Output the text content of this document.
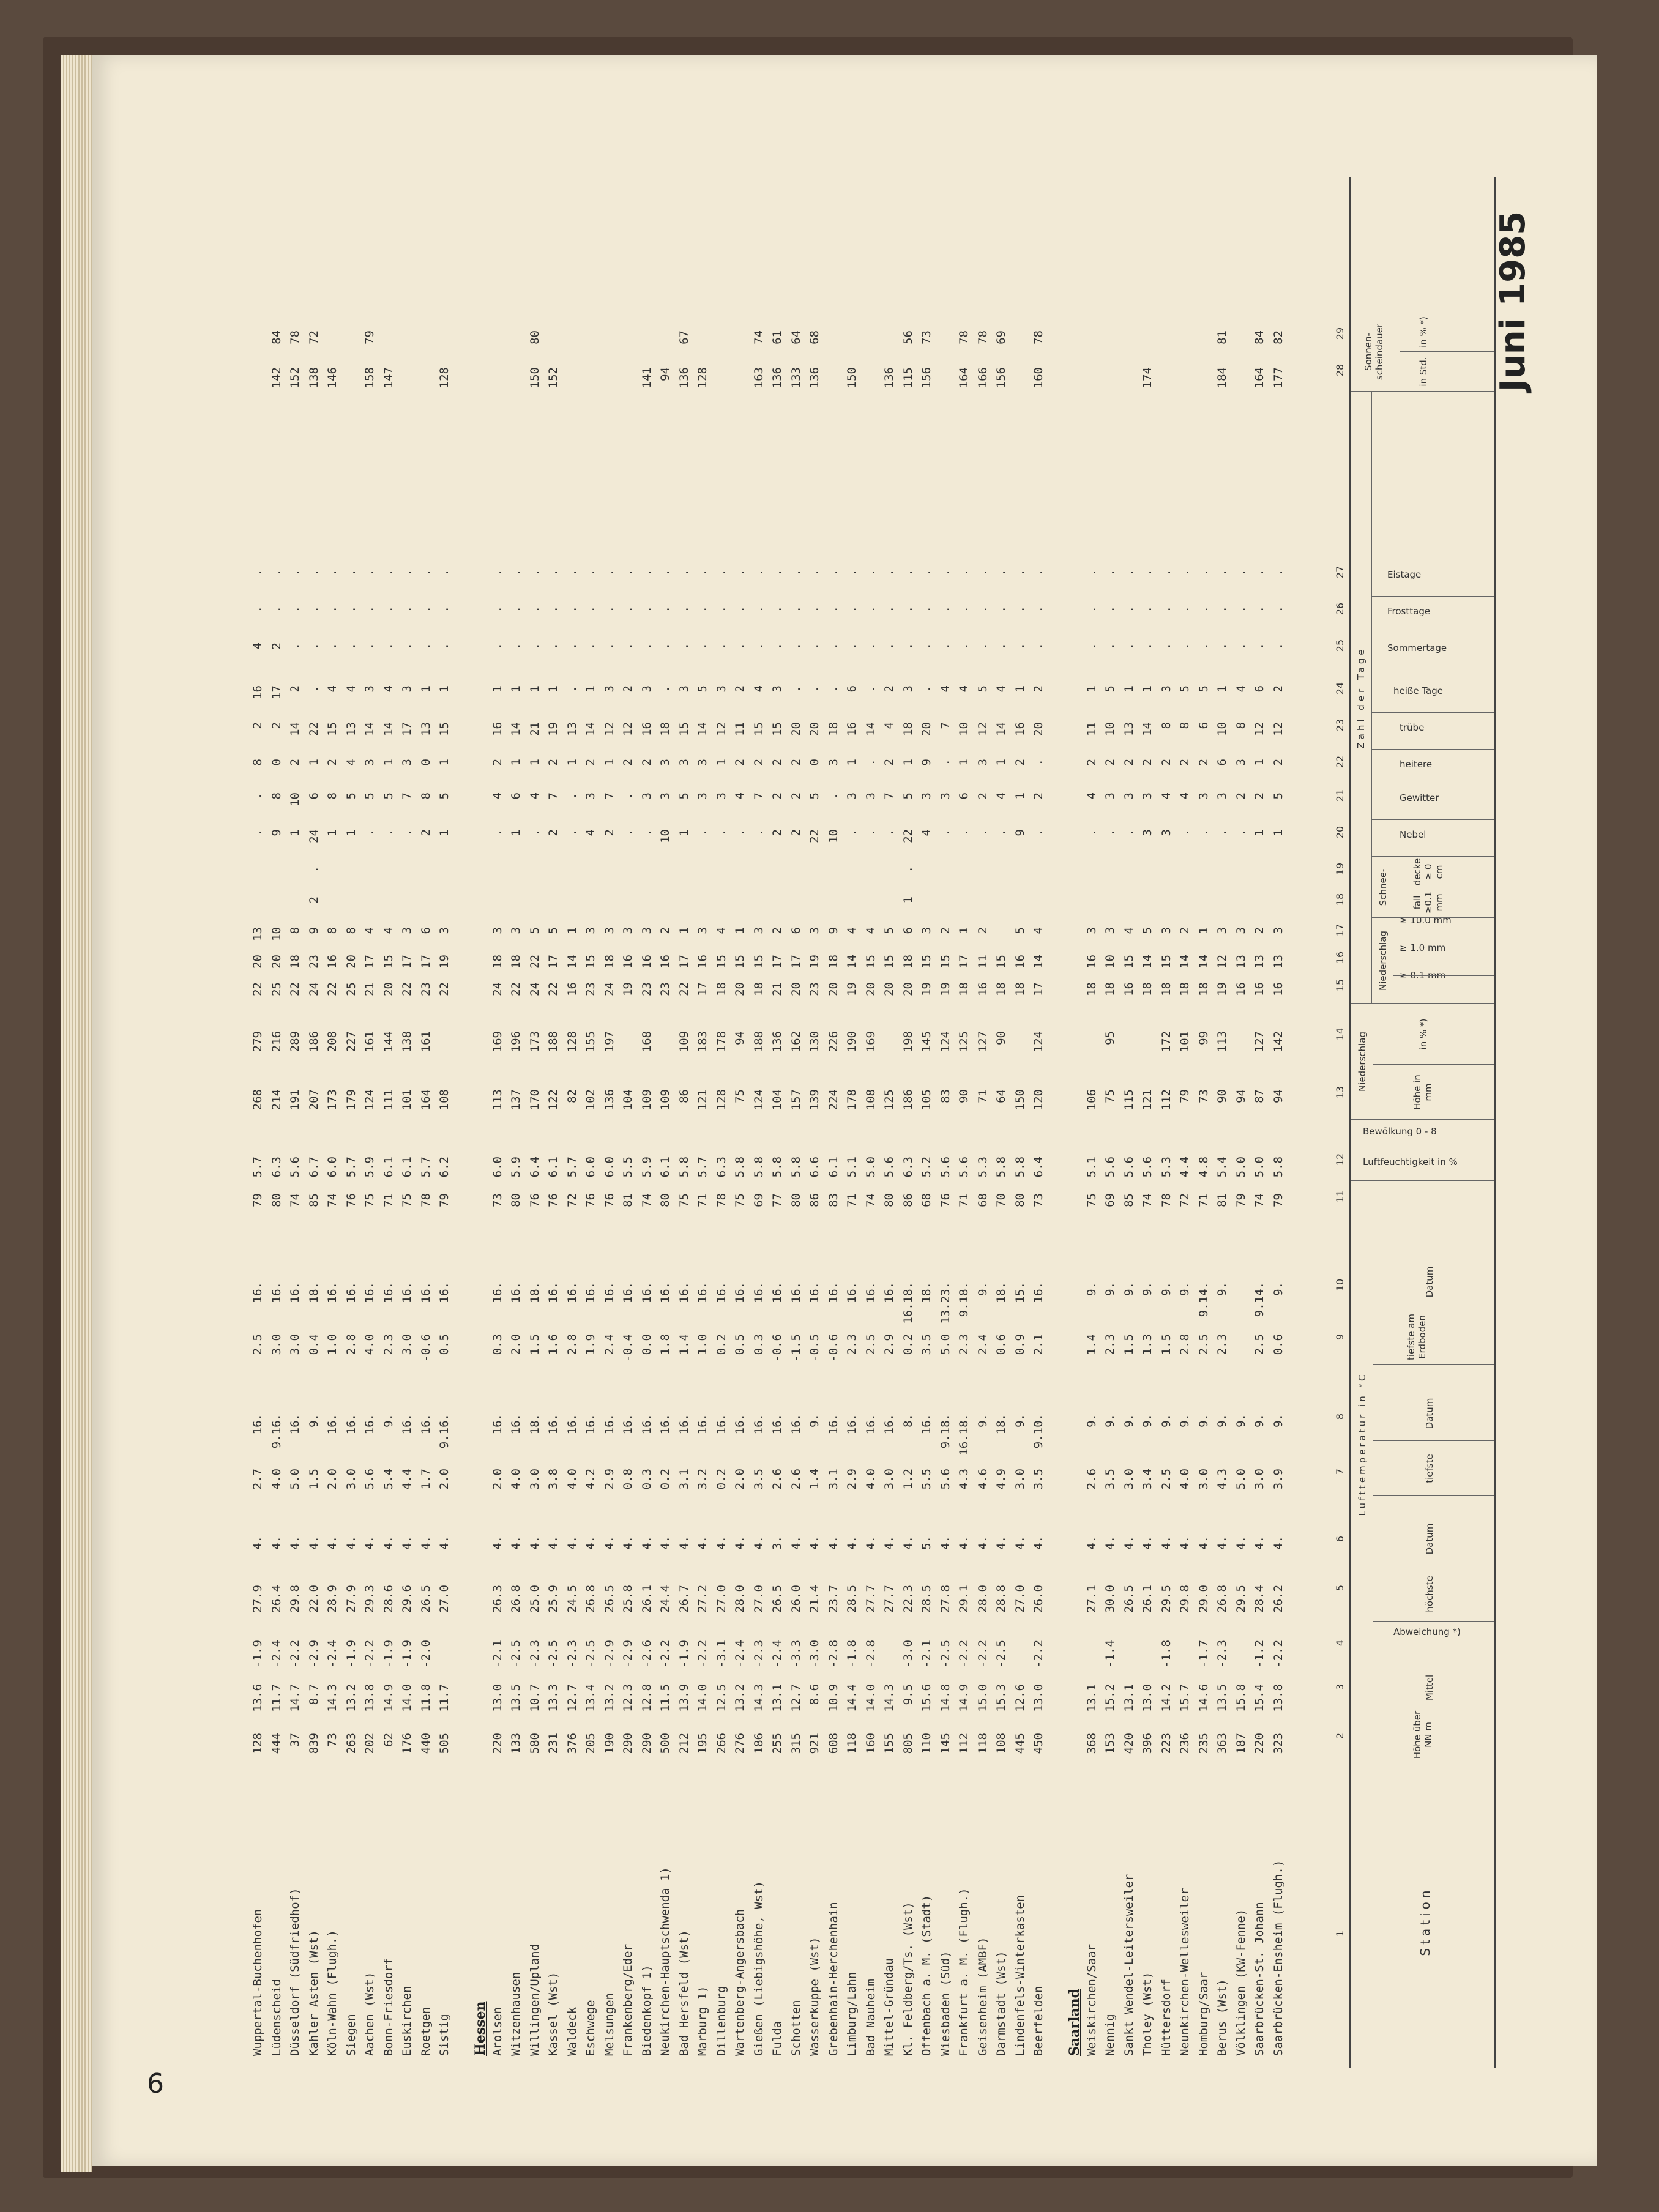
6
Juni 1985
Station
Höhe über NN m
Lufttemperatur in °C
Mittel
Abweichung *)
höchste
Datum
tiefste
Datum
tiefste am Erdboden
Datum
Luftfeuchtigkeit in %
Bewölkung 0 - 8
Niederschlag
Höhe in mm
in % *)
Zahl der Tage
Niederschlag ≥ 0.1 mm
≥ 1.0 mm
≥ 10.0 mm
Schnee-	fall ≥0.1 mm
decke ≥ 0 cm
Nebel
Gewitter
heitere
trübe
heiße Tage
Sommertage
Frosttage
Eistage
Sonnen-scheindauer	in Std.
in % *)
1
2
3
4
5
6
7
8
9
10
11
12
13
14
15
16
17
18
19
20
21
22
23
24
25
26
27
28
29
Wuppertal-Buchenhofen
128
13.6
-1.9
27.9
4.
2.7
16.
2.5
16.
79
5.7
268
279
22
20
13
.
.
8
2
16
4
.
.
Lüdenscheid
444
11.7
-2.4
26.4
4.
4.0
9.16.
3.0
16.
80
6.3
214
216
25
20
10
9
8
0
2
17
2
.
.
142
84
Düsseldorf (Südfriedhof)
37
14.7
-2.2
29.8
4.
5.0
16.
3.0
16.
74
5.6
191
289
22
18
8
1
10
2
14
2
.
.
.
152
78
Kahler Asten (Wst)
839
8.7
-2.9
22.0
4.
1.5
9.
0.4
18.
85
6.7
207
186
24
23
9
2
.
24
6
1
22
.
.
.
.
138
72
Köln-Wahn (Flugh.)
73
14.3
-2.4
28.9
4.
2.0
16.
1.0
16.
74
6.0
173
208
22
16
8
1
8
2
15
4
.
.
.
146
Siegen
263
13.2
-1.9
27.9
4.
3.0
16.
2.8
16.
76
5.7
179
227
25
20
8
1
5
4
13
4
.
.
.
Aachen (Wst)
202
13.8
-2.2
29.3
4.
5.6
16.
4.0
16.
75
5.9
124
161
21
17
4
.
5
3
14
3
.
.
.
158
79
Bonn-Friesdorf
62
14.9
-1.9
28.6
4.
5.4
9.
2.3
16.
71
6.1
111
144
20
15
4
.
5
1
14
4
.
.
.
147
Euskirchen
176
14.0
-1.9
29.6
4.
4.4
16.
3.0
16.
75
6.1
101
138
22
17
3
.
7
3
17
3
.
.
.
Roetgen
440
11.8
-2.0
26.5
4.
1.7
16.
-0.6
16.
78
5.7
164
161
23
17
6
2
8
0
13
1
.
.
.
Sistig
505
11.7
27.0
4.
2.0
9.16.
0.5
16.
79
6.2
108
22
19
3
1
5
1
15
1
.
.
.
128
Hessen Arolsen
220
13.0
-2.1
26.3
4.
2.0
16.
0.3
16.
73
6.0
113
169
24
18
3
.
4
2
16
1
.
.
.
Witzenhausen
133
13.5
-2.5
26.8
4.
4.0
16.
2.0
16.
80
5.9
137
196
22
18
3
1
6
1
14
1
.
.
.
Willingen/Upland
580
10.7
-2.3
25.0
4.
3.0
18.
1.5
18.
76
6.4
170
173
24
22
5
.
4
1
21
1
.
.
.
150
80
Kassel (Wst)
231
13.3
-2.5
25.9
4.
3.8
16.
1.6
16.
76
6.1
122
188
22
17
5
2
7
2
19
1
.
.
.
152
Waldeck
376
12.7
-2.3
24.5
4.
4.0
16.
2.8
16.
72
5.7
82
128
16
14
1
.
.
1
13
.
.
.
.
Eschwege
205
13.4
-2.5
26.8
4.
4.2
16.
1.9
16.
76
6.0
102
155
23
15
3
4
3
2
14
1
.
.
.
Melsungen
190
13.2
-2.9
26.5
4.
2.9
16.
2.4
16.
76
6.0
136
197
24
18
3
2
7
1
12
3
.
.
.
Frankenberg/Eder
290
12.3
-2.9
25.8
4.
0.8
16.
-0.4
16.
81
5.5
104
19
16
3
.
.
2
12
2
.
.
.
Biedenkopf 1)
290
12.8
-2.6
26.1
4.
0.3
16.
0.0
16.
74
5.9
109
168
23
16
3
.
3
2
16
3
.
.
.
141
Neukirchen-Hauptschwenda 1)
500
11.5
-2.2
24.4
4.
0.2
16.
1.8
16.
80
6.1
109
23
16
2
10
3
3
18
.
.
.
.
94
Bad Hersfeld (Wst)
212
13.9
-1.9
26.7
4.
3.1
16.
1.4
16.
75
5.8
86
109
22
17
1
1
5
3
15
3
.
.
.
136
67
Marburg 1)
195
14.0
-2.2
27.2
4.
3.2
16.
1.0
16.
71
5.7
121
183
17
16
3
.
3
3
14
5
.
.
.
128
Dillenburg
266
12.5
-3.1
27.0
4.
0.2
16.
0.2
16.
78
6.3
128
178
18
15
4
.
3
1
12
3
.
.
.
Wartenberg-Angersbach
276
13.2
-2.4
28.0
4.
2.0
16.
0.5
16.
75
5.8
75
94
20
15
1
.
4
2
11
2
.
.
.
Gießen (Liebigshöhe, Wst)
186
14.3
-2.3
27.0
4.
3.5
16.
0.3
16.
69
5.8
124
188
18
15
3
.
7
2
15
4
.
.
.
163
74
Fulda
255
13.1
-2.4
26.5
3.
2.6
16.
-0.6
16.
77
5.8
104
136
21
17
2
2
2
2
15
3
.
.
.
136
61
Schotten
315
12.7
-3.3
26.0
4.
2.6
16.
-1.5
16.
80
5.8
157
162
20
17
6
2
2
2
20
.
.
.
.
133
64
Wasserkuppe (Wst)
921
8.6
-3.0
21.4
4.
1.4
9.
-0.5
16.
86
6.6
139
130
23
19
3
22
5
0
20
.
.
.
.
136
68
Grebenhain-Herchenhain
608
10.9
-2.8
23.7
4.
3.1
16.
-0.6
16.
83
6.1
224
226
20
18
9
10
.
3
18
.
.
.
.
Limburg/Lahn
118
14.4
-1.8
28.5
4.
2.9
16.
2.3
16.
71
5.1
178
190
19
14
4
.
3
1
16
6
.
.
.
150
Bad Nauheim
160
14.0
-2.8
27.7
4.
4.0
16.
2.5
16.
74
5.0
108
169
20
15
4
.
3
.
14
.
.
.
.
Mittel-Gründau
155
14.3
27.7
4.
3.0
16.
2.9
16.
80
5.6
125
20
15
5
.
7
2
4
2
.
.
.
136
Kl. Feldberg/Ts. (Wst)
805
9.5
-3.0
22.3
4.
1.2
8.
0.2
16.18.
86
6.3
186
198
20
18
6
1
.
22
5
1
18
3
.
.
.
115
56
Offenbach a. M. (Stadt)
110
15.6
-2.1
28.5
5.
5.5
16.
3.5
18.
68
5.2
105
145
19
15
3
4
3
9
20
.
.
.
.
156
73
Wiesbaden (Süd)
145
14.8
-2.5
27.8
4.
5.6
9.18.
5.0
13.23.
76
5.6
83
124
19
15
2
.
3
.
7
4
.
.
.
Frankfurt a. M. (Flugh.)
112
14.9
-2.2
29.1
4.
4.3
16.18.
2.3
9.18.
71
5.6
90
125
18
17
1
.
6
1
10
4
.
.
.
164
78
Geisenheim (AMBF)
118
15.0
-2.2
28.0
4.
4.6
9.
2.4
9.
68
5.3
71
127
16
11
2
.
2
3
12
5
.
.
.
166
78
Darmstadt (Wst)
108
15.3
-2.5
28.8
4.
4.9
18.
0.6
18.
70
5.8
64
90
18
15
.
4
1
14
4
.
.
.
156
69
Lindenfels-Winterkasten
445
12.6
27.0
4.
3.0
9.
0.9
15.
80
5.8
150
18
16
5
9
1
2
16
1
.
.
.
Beerfelden
450
13.0
-2.2
26.0
4.
3.5
9.10.
2.1
16.
73
6.4
120
124
17
14
4
.
2
.
20
2
.
.
.
160
78
Saarland Weiskirchen/Saar
368
13.1
27.1
4.
2.6
9.
1.4
9.
75
5.1
106
18
16
3
.
4
2
11
1
.
.
.
Nennig
153
15.2
-1.4
30.0
4.
3.5
9.
2.3
9.
69
5.6
75
95
18
10
3
.
3
2
10
5
.
.
.
Sankt Wendel-Leitersweiler
420
13.1
26.5
4.
3.0
9.
1.5
9.
85
5.6
115
16
15
4
.
3
2
13
1
.
.
.
Tholey (Wst)
396
13.0
26.1
4.
3.4
9.
1.3
9.
74
5.6
121
18
14
5
3
3
2
14
1
.
.
.
174
Hüttersdorf
223
14.2
-1.8
29.5
4.
2.5
9.
1.5
9.
78
5.3
112
172
18
15
3
3
4
2
8
3
.
.
.
Neunkirchen-Wellesweiler
236
15.7
29.8
4.
4.0
9.
2.8
9.
72
4.4
79
101
18
14
2
.
4
2
8
5
.
.
.
Homburg/Saar
235
14.6
-1.7
29.0
4.
3.0
9.
2.5
9.14.
71
4.8
73
99
18
14
1
.
3
2
6
5
.
.
.
Berus (Wst)
363
13.5
-2.3
26.8
4.
4.3
9.
2.3
9.
81
5.4
90
113
19
12
3
.
3
6
10
1
.
.
.
184
81
Völklingen (KW-Fenne)
187
15.8
29.5
4.
5.0
9.
79
5.0
94
16
13
3
.
2
3
8
4
.
.
.
Saarbrücken-St. Johann
220
15.4
-1.2
28.4
4.
3.0
9.
2.5
9.14.
74
5.0
87
127
16
13
2
1
2
1
12
6
.
.
.
164
84
Saarbrücken-Ensheim (Flugh.)
323
13.8
-2.2
26.2
4.
3.9
9.
0.6
9.
79
5.8
94
142
16
13
3
1
5
2
12
2
.
.
.
177
82
